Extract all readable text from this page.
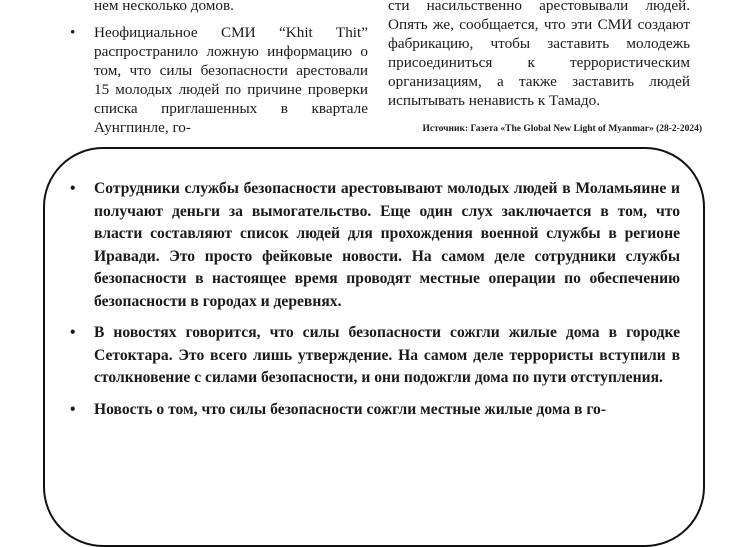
нем несколько домов.
• Неофициальное СМИ “Khit Thit” распространило ложную информацию о том, что силы безопасности арестовали 15 молодых людей по причине проверки списка приглашенных в квартале Аунгпинле, го-
сти насильственно арестовывали людей. Опять же, сообщается, что эти СМИ создают фабрикацию, чтобы заставить молодежь присоединиться к террористическим организациям, а также заставить людей испытывать ненависть к Тамадо.
Источник: Газета «The Global New Light of Myanmar» (28-2-2024)
• Сотрудники службы безопасности арестовывают молодых людей в Моламьяине и получают деньги за вымогательство. Еще один слух заключается в том, что власти составляют список людей для прохождения военной службы в регионе Иравади. Это просто фейковые новости. На самом деле сотрудники службы безопасности в настоящее время проводят местные операции по обеспечению безопасности в городах и деревнях.
• В новостях говорится, что силы безопасности сожгли жилые дома в городке Сетоктара. Это всего лишь утверждение. На самом деле террористы вступили в столкновение с силами безопасности, и они подожгли дома по пути отступления.
• Новость о том, что силы безопасности сожгли местные жилые дома в го-
